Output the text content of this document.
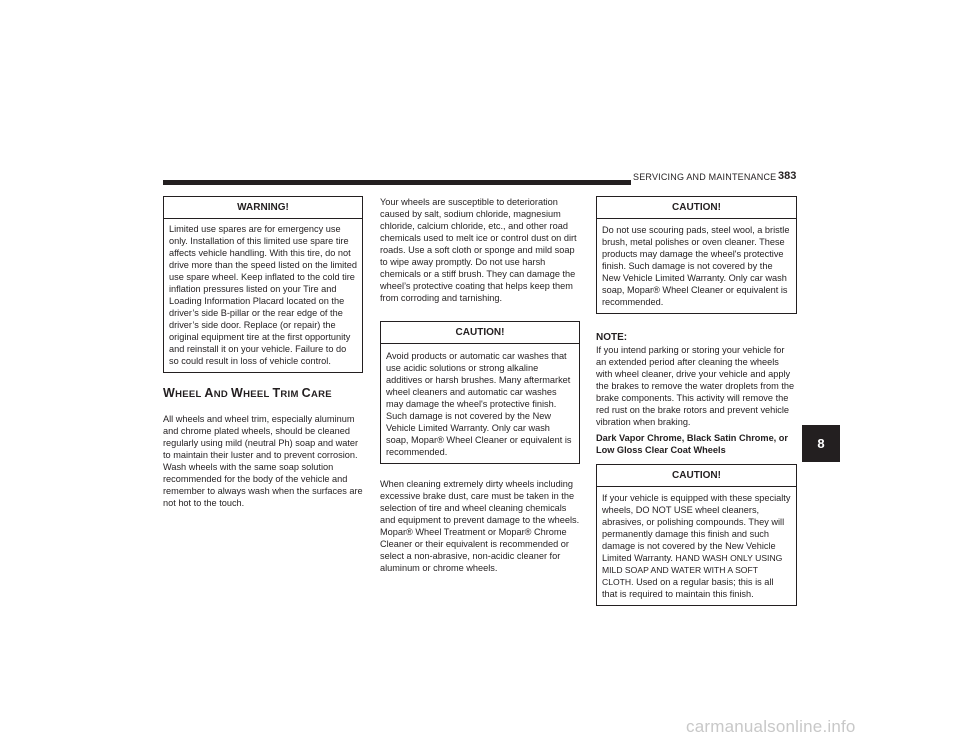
SERVICING AND MAINTENANCE 383
WARNING!
Limited use spares are for emergency use only. Installation of this limited use spare tire affects vehicle handling. With this tire, do not drive more than the speed listed on the limited use spare wheel. Keep inflated to the cold tire inflation pressures listed on your Tire and Loading Information Placard located on the driver’s side B-pillar or the rear edge of the driver’s side door. Replace (or repair) the original equipment tire at the first opportunity and reinstall it on your vehicle. Failure to do so could result in loss of vehicle control.
WHEEL AND WHEEL TRIM CARE

All wheels and wheel trim, especially aluminum and chrome plated wheels, should be cleaned regularly using mild (neutral Ph) soap and water to maintain their luster and to prevent corrosion. Wash wheels with the same soap solution recommended for the body of the vehicle and remember to always wash when the surfaces are not hot to the touch.

Your wheels are susceptible to deterioration caused by salt, sodium chloride, magnesium chloride, calcium chloride, etc., and other road chemicals used to melt ice or control dust on dirt roads. Use a soft cloth or sponge and mild soap to wipe away promptly. Do not use harsh chemicals or a stiff brush. They can damage the wheel’s protective coating that helps keep them from corroding and tarnishing.

CAUTION!
Avoid products or automatic car washes that use acidic solutions or strong alkaline additives or harsh brushes. Many aftermarket wheel cleaners and automatic car washes may damage the wheel's protective finish. Such damage is not covered by the New Vehicle Limited Warranty. Only car wash soap, Mopar® Wheel Cleaner or equivalent is recommended.

When cleaning extremely dirty wheels including excessive brake dust, care must be taken in the selection of tire and wheel cleaning chemicals and equipment to prevent damage to the wheels. Mopar® Wheel Treatment or Mopar® Chrome Cleaner or their equivalent is recommended or select a non-abrasive, non-acidic cleaner for aluminum or chrome wheels.

CAUTION!
Do not use scouring pads, steel wool, a bristle brush, metal polishes or oven cleaner. These products may damage the wheel's protective finish. Such damage is not covered by the New Vehicle Limited Warranty. Only car wash soap, Mopar® Wheel Cleaner or equivalent is recommended.
NOTE:

If you intend parking or storing your vehicle for an extended period after cleaning the wheels with wheel cleaner, drive your vehicle and apply the brakes to remove the water droplets from the brake components. This activity will remove the red rust on the brake rotors and prevent vehicle vibration when braking.

Dark Vapor Chrome, Black Satin Chrome, or Low Gloss Clear Coat Wheels

CAUTION!
If your vehicle is equipped with these specialty wheels, DO NOT USE wheel cleaners, abrasives, or polishing compounds. They will permanently damage this finish and such damage is not covered by the New Vehicle Limited Warranty. HAND WASH ONLY USING MILD SOAP AND WATER WITH A SOFT CLOTH. Used on a regular basis; this is all that is required to maintain this finish.
8
carmanualsonline.info
